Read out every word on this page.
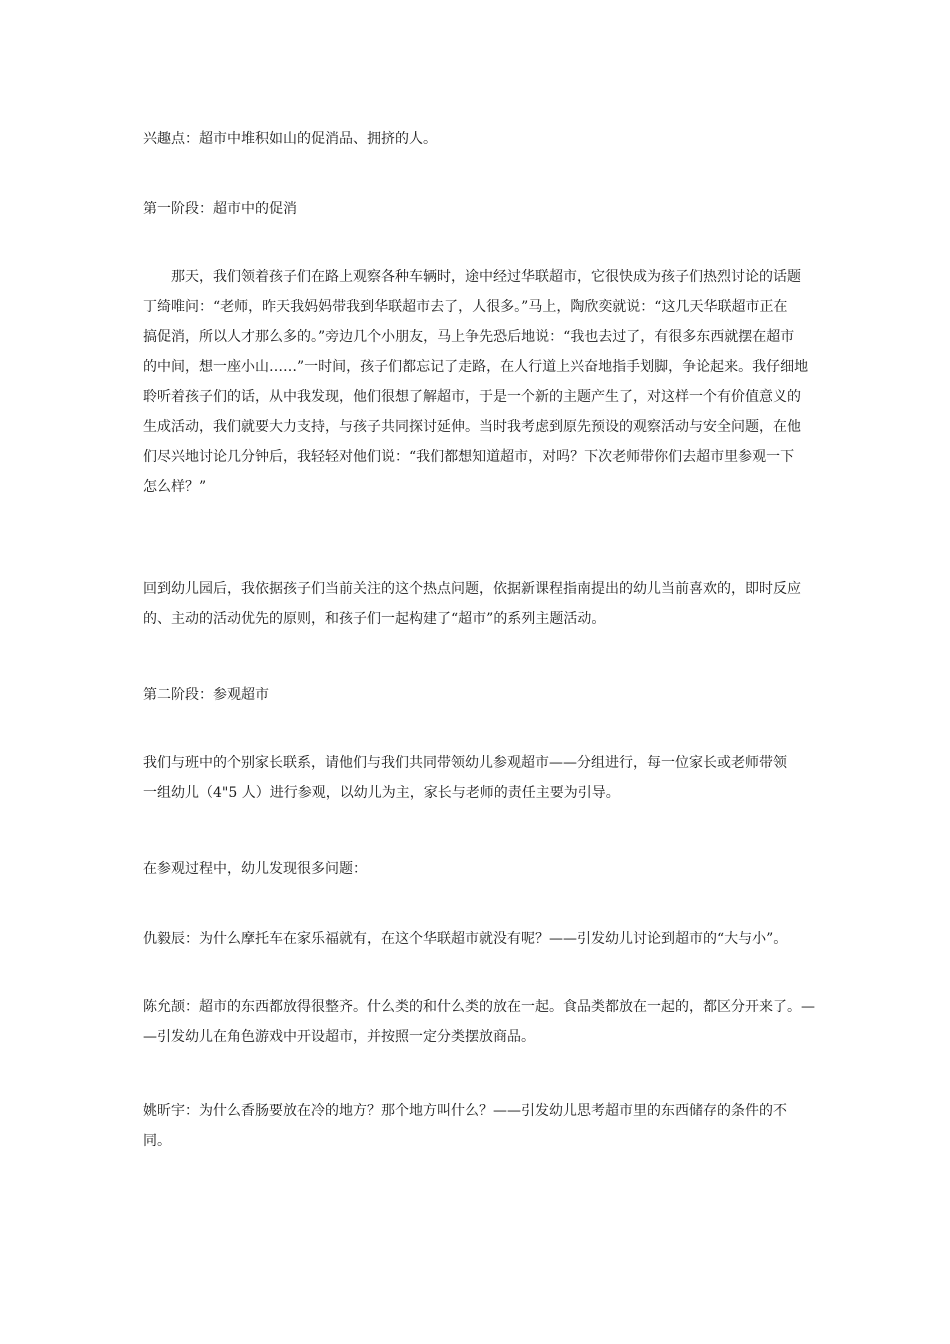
兴趣点：超市中堆积如山的促消品、拥挤的人。

第一阶段：超市中的促消

那天，我们领着孩子们在路上观察各种车辆时，途中经过华联超市，它很快成为孩子们热烈讨论的话题
丁绮唯问：“老师，昨天我妈妈带我到华联超市去了，人很多。”马上，陶欣奕就说：“这几天华联超市正在
搞促消，所以人才那么多的。”旁边几个小朋友，马上争先恐后地说：“我也去过了，有很多东西就摆在超市
的中间，想一座小山……”一时间，孩子们都忘记了走路，在人行道上兴奋地指手划脚，争论起来。我仔细地
聆听着孩子们的话，从中我发现，他们很想了解超市，于是一个新的主题产生了，对这样一个有价值意义的
生成活动，我们就要大力支持，与孩子共同探讨延伸。当时我考虑到原先预设的观察活动与安全问题，在他
们尽兴地讨论几分钟后，我轻轻对他们说：“我们都想知道超市，对吗？下次老师带你们去超市里参观一下
怎么样？”

回到幼儿园后，我依据孩子们当前关注的这个热点问题，依据新课程指南提出的幼儿当前喜欢的，即时反应
的、主动的活动优先的原则，和孩子们一起构建了“超市”的系列主题活动。

第二阶段：参观超市

我们与班中的个别家长联系，请他们与我们共同带领幼儿参观超市——分组进行，每一位家长或老师带领
一组幼儿（4"5 人）进行参观，以幼儿为主，家长与老师的责任主要为引导。

在参观过程中，幼儿发现很多问题：

仇毅辰：为什么摩托车在家乐福就有，在这个华联超市就没有呢？——引发幼儿讨论到超市的“大与小”。

陈允颉：超市的东西都放得很整齐。什么类的和什么类的放在一起。食品类都放在一起的，都区分开来了。—
—引发幼儿在角色游戏中开设超市，并按照一定分类摆放商品。

姚昕宇：为什么香肠要放在冷的地方？那个地方叫什么？——引发幼儿思考超市里的东西储存的条件的不
同。
